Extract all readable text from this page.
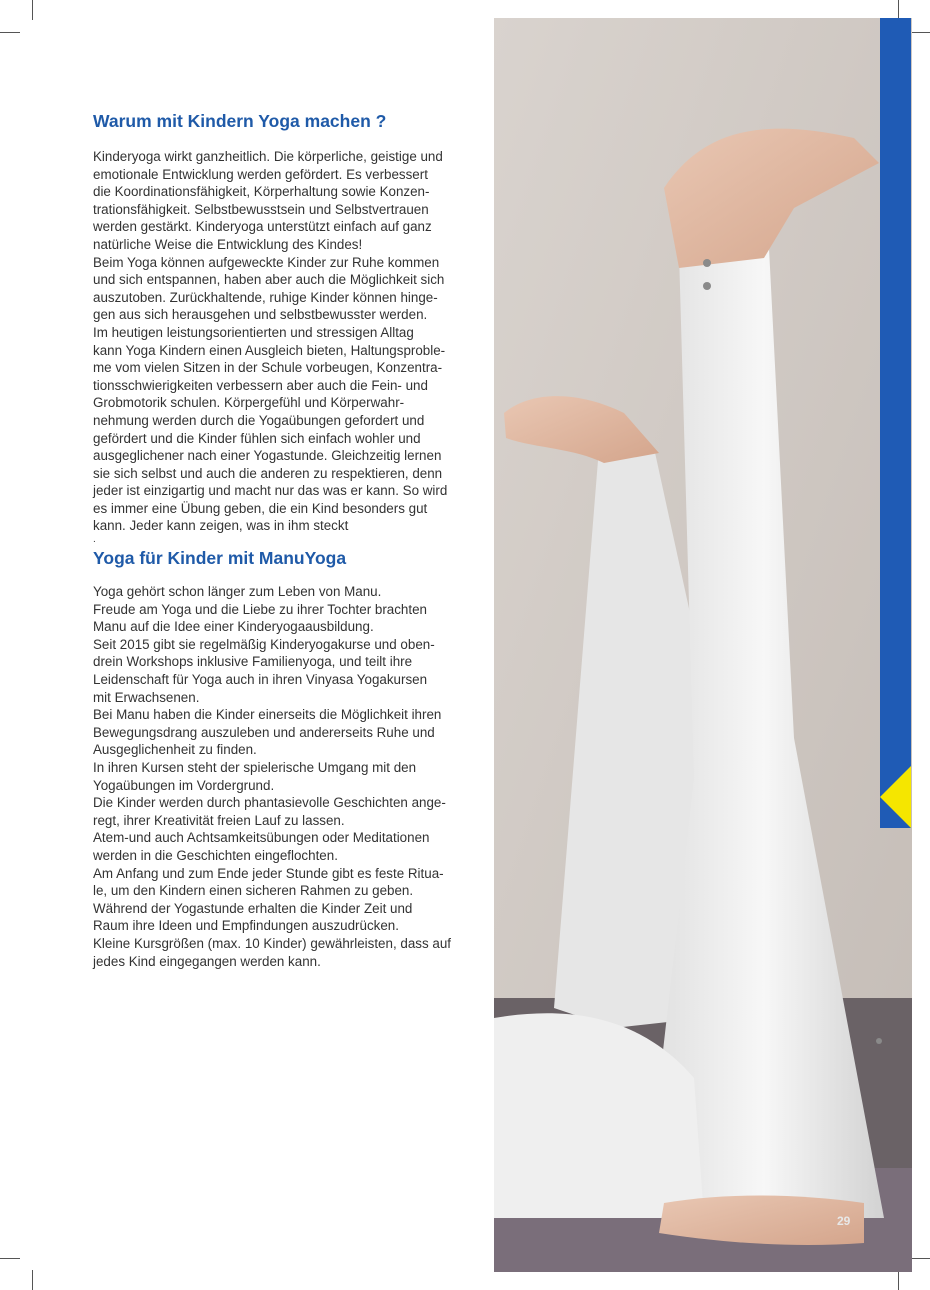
Warum mit Kindern Yoga machen ?
Kinderyoga wirkt ganzheitlich. Die körperliche, geistige und
emotionale Entwicklung werden gefördert. Es verbessert
die Koordinationsfähigkeit, Körperhaltung sowie Konzen-
trationsfähigkeit. Selbstbewusstsein und Selbstvertrauen
werden gestärkt. Kinderyoga unterstützt einfach auf ganz
natürliche Weise die Entwicklung des Kindes!
Beim Yoga können aufgeweckte Kinder zur Ruhe kommen
und sich entspannen, haben aber auch die Möglichkeit sich
auszutoben. Zurückhaltende, ruhige Kinder können hinge-
gen aus sich herausgehen und selbstbewusster werden.
Im heutigen leistungsorientierten und stressigen Alltag
kann Yoga Kindern einen Ausgleich bieten, Haltungsproble-
me vom vielen Sitzen in der Schule vorbeugen, Konzentra-
tionsschwierigkeiten verbessern aber auch die Fein- und
Grobmotorik schulen. Körpergefühl und Körperwahr-
nehmung werden durch die Yogaübungen gefordert und
gefördert und die Kinder fühlen sich einfach wohler und
ausgeglichener nach einer Yogastunde. Gleichzeitig lernen
sie sich selbst und auch die anderen zu respektieren, denn
jeder ist einzigartig und macht nur das was er kann. So wird
es immer eine Übung geben, die ein Kind besonders gut
kann. Jeder kann zeigen, was in ihm steckt
.
Yoga für Kinder mit ManuYoga
Yoga gehört schon länger zum Leben von Manu.
Freude am Yoga und die Liebe zu ihrer Tochter brachten
Manu auf die Idee einer Kinderyogaausbildung.
Seit 2015 gibt sie regelmäßig Kinderyogakurse und oben-
drein Workshops inklusive Familienyoga, und teilt ihre
Leidenschaft für Yoga auch in ihren Vinyasa Yogakursen
mit Erwachsenen.
Bei Manu haben die Kinder einerseits die Möglichkeit ihren
Bewegungsdrang auszuleben und andererseits Ruhe und
Ausgeglichenheit zu finden.
In ihren Kursen steht der spielerische Umgang mit den
Yogaübungen im Vordergrund.
Die Kinder werden durch phantasievolle Geschichten ange-
regt, ihrer Kreativität freien Lauf zu lassen.
Atem-und auch Achtsamkeitsübungen oder Meditationen
werden in die Geschichten eingeflochten.
Am Anfang und zum Ende jeder Stunde gibt es feste Ritua-
le, um den Kindern einen sicheren Rahmen zu geben.
Während der Yogastunde erhalten die Kinder Zeit und
Raum ihre Ideen und Empfindungen auszudrücken.
Kleine Kursgrößen (max. 10 Kinder) gewährleisten, dass auf
jedes Kind eingegangen werden kann.
29
